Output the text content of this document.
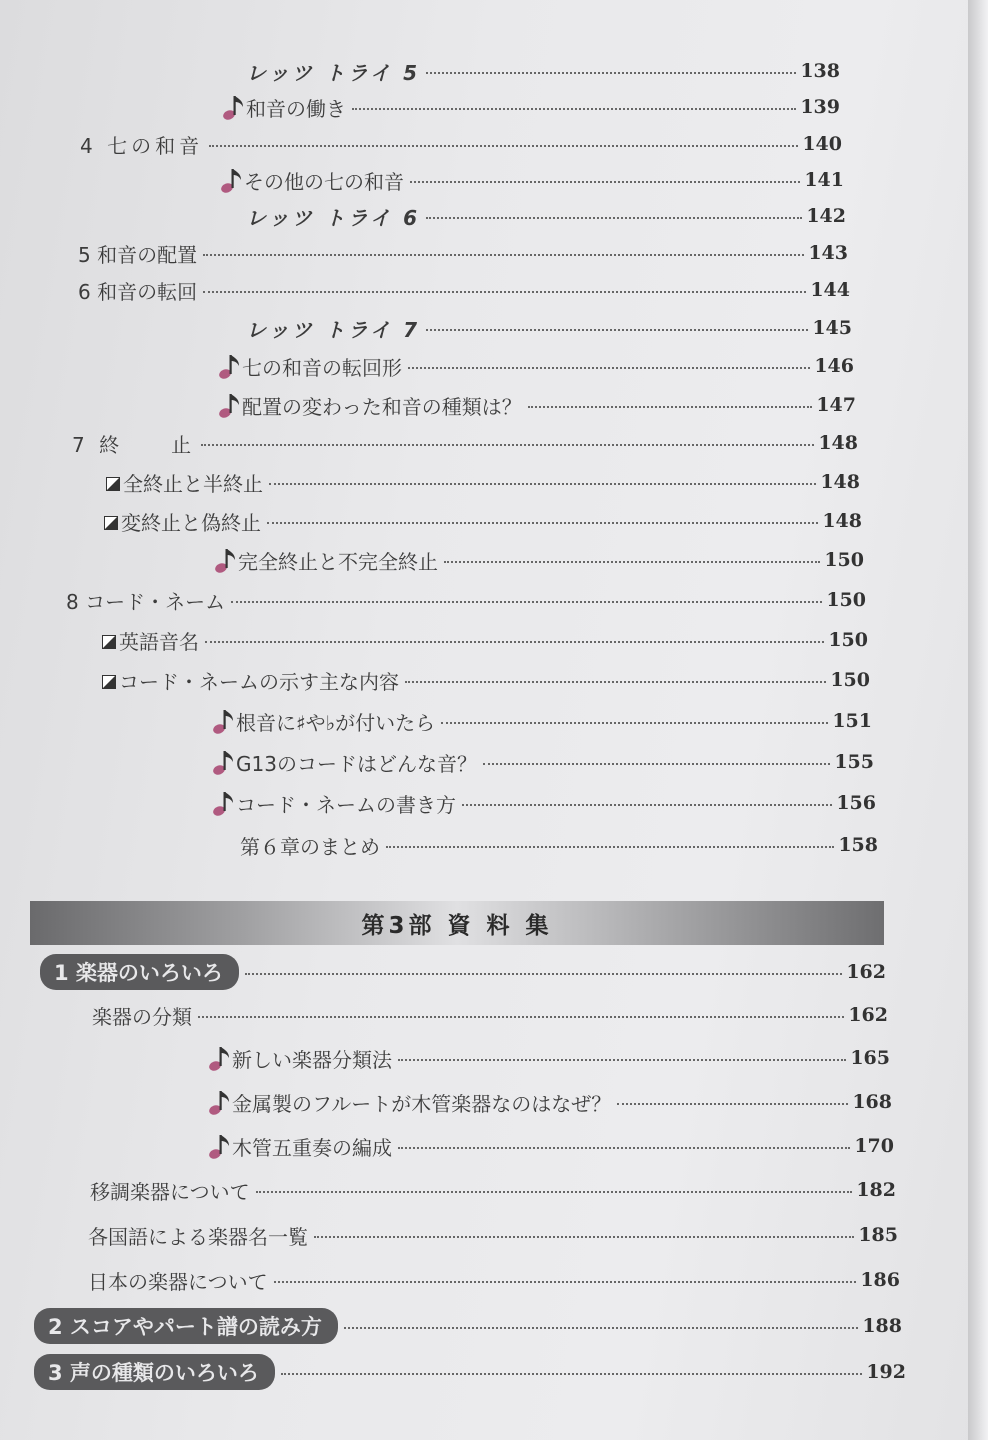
レッツ トライ 5	138
和音の働き	139
4 七の和音	140
その他の七の和音	141
レッツ トライ 6	142
5 和音の配置	143
6 和音の転回	144
レッツ トライ 7	145
七の和音の転回形	146
配置の変わった和音の種類は？	147
7 終　　止	148
全終止と半終止	148
変終止と偽終止	148
完全終止と不完全終止	150
8 コード・ネーム	150
英語音名	150
コード・ネームの示す主な内容	150
根音に♯や♭が付いたら	151
G13のコードはどんな音？	155
コード・ネームの書き方	156
第６章のまとめ	158
第3部 資 料 集
1 楽器のいろいろ	162
楽器の分類	162
新しい楽器分類法	165
金属製のフルートが木管楽器なのはなぜ？	168
木管五重奏の編成	170
移調楽器について	182
各国語による楽器名一覧	185
日本の楽器について	186
2 スコアやパート譜の読み方	188
3 声の種類のいろいろ	192
